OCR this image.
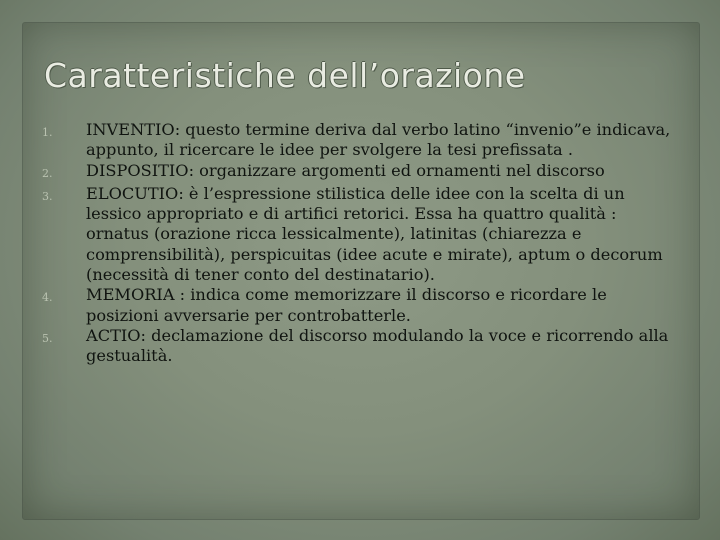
Caratteristiche dell’orazione
1.	INVENTIO: questo termine deriva dal verbo latino “invenio”e indicava, appunto, il ricercare le idee per svolgere la tesi prefissata .
2.	DISPOSITIO: organizzare argomenti ed ornamenti nel discorso
3.	ELOCUTIO: è l’espressione stilistica delle idee con la scelta di un lessico appropriato e di artifici retorici. Essa ha quattro qualità : ornatus (orazione ricca lessicalmente), latinitas (chiarezza e comprensibilità), perspicuitas (idee acute e mirate), aptum o decorum (necessità di tener conto del destinatario).
4.	MEMORIA : indica come memorizzare il discorso e ricordare le posizioni avversarie per controbatterle.
5.	ACTIO: declamazione del discorso modulando la voce e ricorrendo alla gestualità.
